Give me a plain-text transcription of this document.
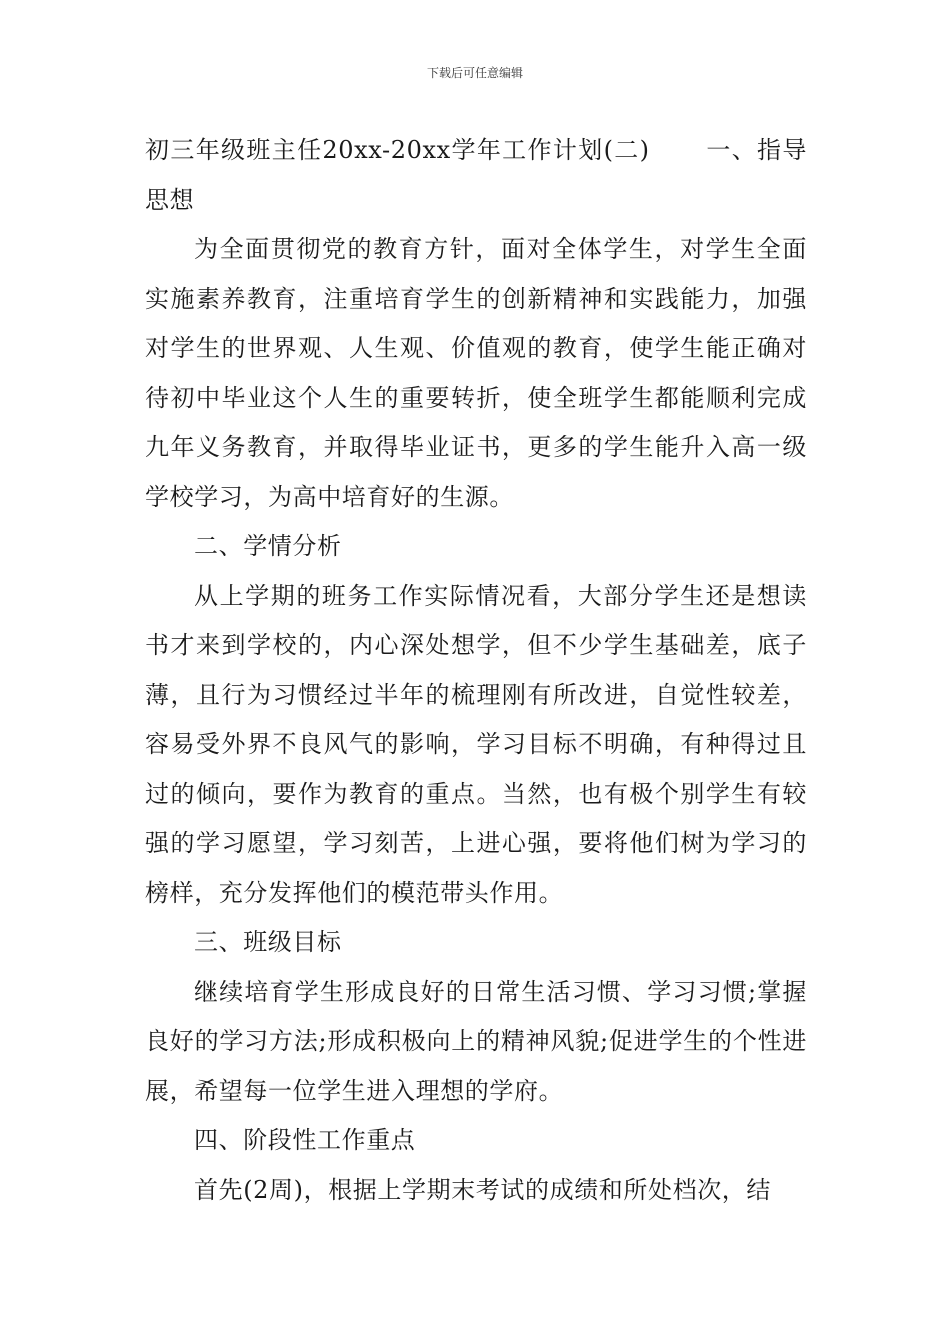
下载后可任意编辑

初三年级班主任20xx-20xx学年工作计划(二) 一、指导思想

为全面贯彻党的教育方针，面对全体学生，对学生全面实施素养教育，注重培育学生的创新精神和实践能力，加强对学生的世界观、人生观、价值观的教育，使学生能正确对待初中毕业这个人生的重要转折，使全班学生都能顺利完成九年义务教育，并取得毕业证书，更多的学生能升入高一级学校学习，为高中培育好的生源。

二、学情分析

从上学期的班务工作实际情况看，大部分学生还是想读书才来到学校的，内心深处想学，但不少学生基础差，底子薄，且行为习惯经过半年的梳理刚有所改进，自觉性较差，容易受外界不良风气的影响，学习目标不明确，有种得过且过的倾向，要作为教育的重点。当然，也有极个别学生有较强的学习愿望，学习刻苦，上进心强，要将他们树为学习的榜样，充分发挥他们的模范带头作用。

三、班级目标

继续培育学生形成良好的日常生活习惯、学习习惯;掌握良好的学习方法;形成积极向上的精神风貌;促进学生的个性进展，希望每一位学生进入理想的学府。

四、阶段性工作重点

首先(2周)，根据上学期末考试的成绩和所处档次，结
